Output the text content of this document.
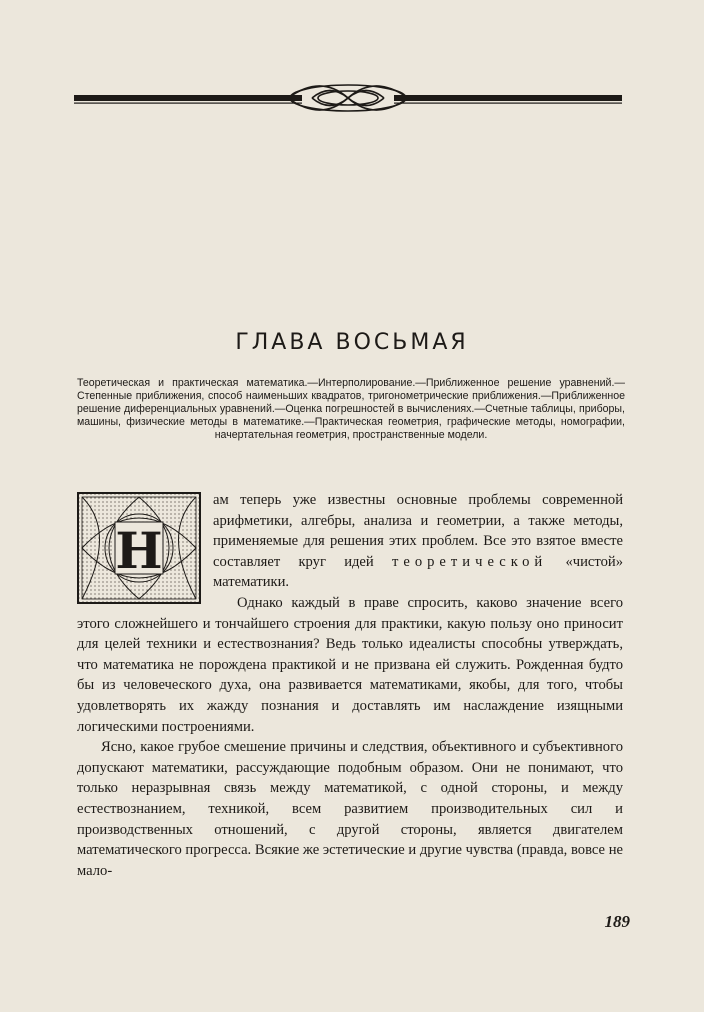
ГЛАВА ВОСЬМАЯ
Теоретическая и практическая математика.—Интерполирование.—Приближенное решение уравнений.—Степенные приближения, способ наименьших квадратов, тригонометрические приближения.—Приближенное решение диференциальных уравнений.—Оценка погрешностей в вычислениях.—Счетные таблицы, приборы, машины, физические методы в математике.—Практическая геометрия, графические методы, номографии, начертательная геометрия, пространственные модели.
Н

ам теперь уже известны основные проблемы современной арифметики, алгебры, анализа и геометрии, а также методы, применяемые для решения этих проблем. Все это взятое вместе составляет круг идей теоретической «чистой» математики.

Однако каждый в праве спросить, каково значение всего этого сложнейшего и тончайшего строения для практики, какую пользу оно приносит для целей техники и естествознания? Ведь только идеалисты способны утверждать, что математика не порождена практикой и не призвана ей служить. Рожденная будто бы из человеческого духа, она развивается математиками, якобы, для того, чтобы удовлетворять их жажду познания и доставлять им наслаждение изящными логическими построениями.

Ясно, какое грубое смешение причины и следствия, объективного и субъективного допускают математики, рассуждающие подобным образом. Они не понимают, что только неразрывная связь между математикой, с одной стороны, и между естествознанием, техникой, всем развитием производительных сил и производственных отношений, с другой стороны, является двигателем математического прогресса. Всякие же эстетические и другие чувства (правда, вовсе не мало-

189
